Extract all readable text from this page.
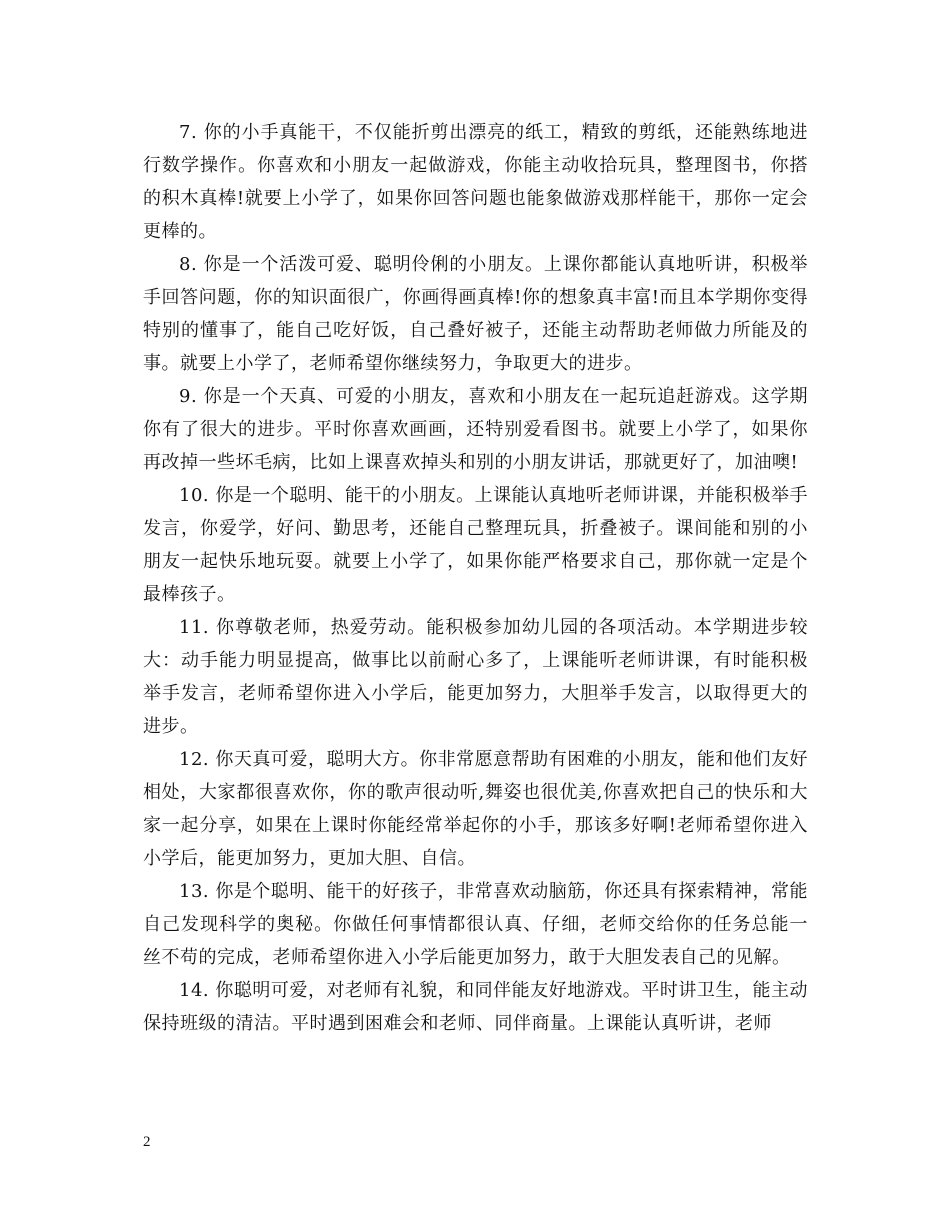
7. 你的小手真能干，不仅能折剪出漂亮的纸工，精致的剪纸，还能熟练地进行数学操作。你喜欢和小朋友一起做游戏，你能主动收拾玩具，整理图书，你搭的积木真棒!就要上小学了，如果你回答问题也能象做游戏那样能干，那你一定会更棒的。

8. 你是一个活泼可爱、聪明伶俐的小朋友。上课你都能认真地听讲，积极举手回答问题，你的知识面很广，你画得画真棒!你的想象真丰富!而且本学期你变得特别的懂事了，能自己吃好饭，自己叠好被子，还能主动帮助老师做力所能及的事。就要上小学了，老师希望你继续努力，争取更大的进步。

9. 你是一个天真、可爱的小朋友，喜欢和小朋友在一起玩追赶游戏。这学期你有了很大的进步。平时你喜欢画画，还特别爱看图书。就要上小学了，如果你再改掉一些坏毛病，比如上课喜欢掉头和别的小朋友讲话，那就更好了，加油噢!

10. 你是一个聪明、能干的小朋友。上课能认真地听老师讲课，并能积极举手发言，你爱学，好问、勤思考，还能自己整理玩具，折叠被子。课间能和别的小朋友一起快乐地玩耍。就要上小学了，如果你能严格要求自己，那你就一定是个最棒孩子。

11. 你尊敬老师，热爱劳动。能积极参加幼儿园的各项活动。本学期进步较大：动手能力明显提高，做事比以前耐心多了，上课能听老师讲课，有时能积极举手发言，老师希望你进入小学后，能更加努力，大胆举手发言，以取得更大的进步。

12. 你天真可爱，聪明大方。你非常愿意帮助有困难的小朋友，能和他们友好相处，大家都很喜欢你，你的歌声很动听,舞姿也很优美,你喜欢把自己的快乐和大家一起分享，如果在上课时你能经常举起你的小手，那该多好啊!老师希望你进入小学后，能更加努力，更加大胆、自信。

13. 你是个聪明、能干的好孩子，非常喜欢动脑筋，你还具有探索精神，常能自己发现科学的奥秘。你做任何事情都很认真、仔细，老师交给你的任务总能一丝不苟的完成，老师希望你进入小学后能更加努力，敢于大胆发表自己的见解。

14. 你聪明可爱，对老师有礼貌，和同伴能友好地游戏。平时讲卫生，能主动保持班级的清洁。平时遇到困难会和老师、同伴商量。上课能认真听讲，老师

2
